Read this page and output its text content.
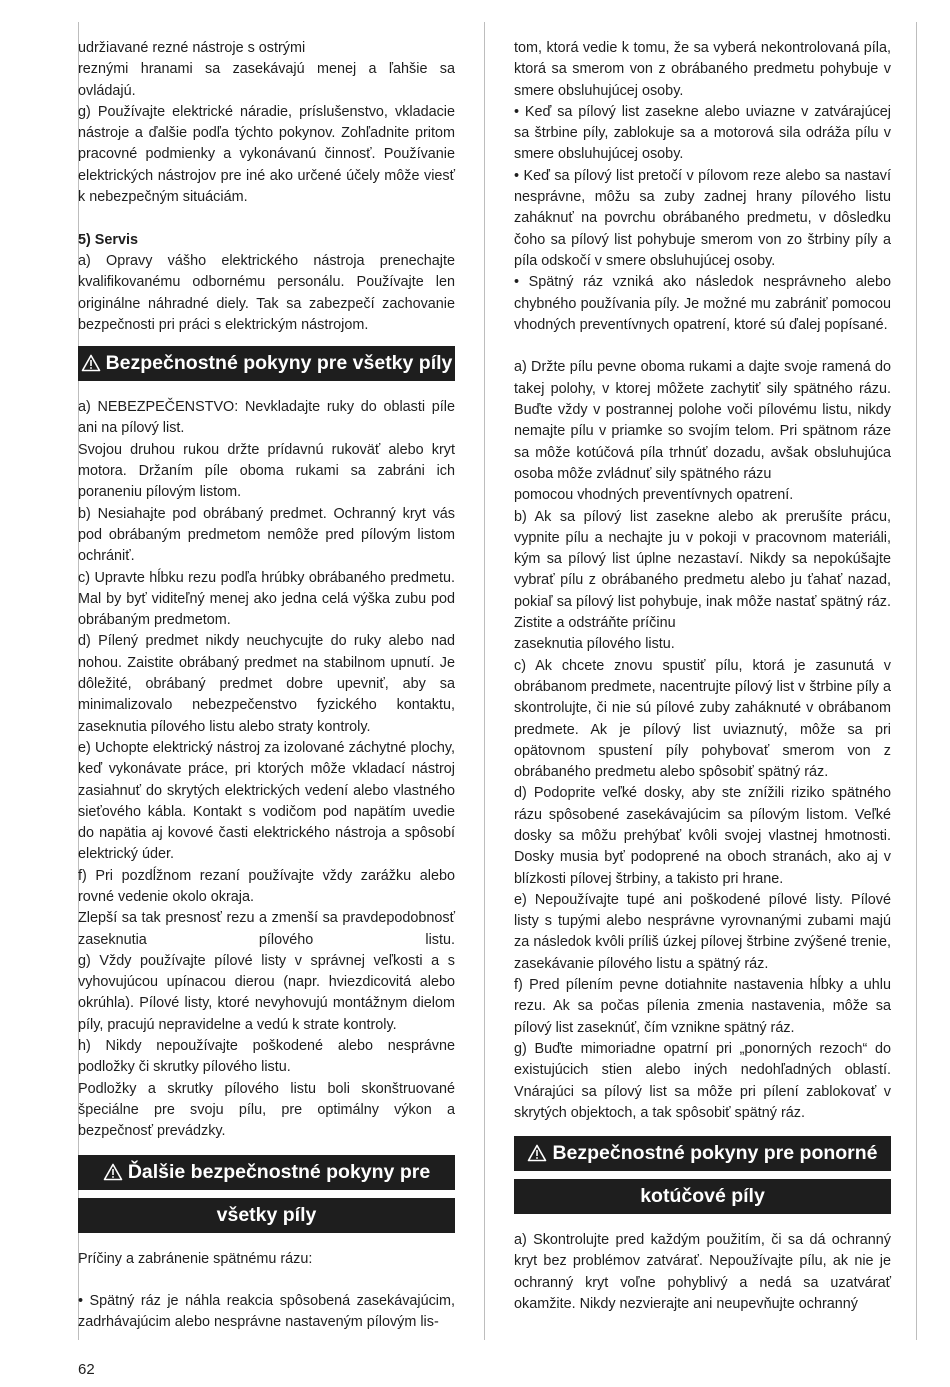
udržiavané rezné nástroje s ostrými

reznými hranami sa zasekávajú menej a ľahšie sa ovládajú.

g) Používajte elektrické náradie, príslušenstvo, vkladacie nástroje a ďalšie podľa týchto pokynov. Zohľadnite pritom pracovné podmienky a vykonávanú činnosť. Používanie elektrických nástrojov pre iné ako určené účely môže viesť k nebezpečným situáciám.

5) Servis

a) Opravy vášho elektrického nástroja prenechajte kvalifikovanému odbornému personálu. Používajte len originálne náhradné diely. Tak sa zabezpečí zachovanie bezpečnosti pri práci s elektrickým nástrojom.

Bezpečnostné pokyny pre všetky píly

a) NEBEZPEČENSTVO: Nevkladajte ruky do oblasti píle ani na pílový list.

Svojou druhou rukou držte prídavnú rukoväť alebo kryt motora. Držaním píle oboma rukami sa zabráni ich poraneniu pílovým listom.

b) Nesiahajte pod obrábaný predmet. Ochranný kryt vás pod obrábaným predmetom nemôže pred pílovým listom ochrániť.

c) Upravte hĺbku rezu podľa hrúbky obrábaného predmetu. Mal by byť viditeľný menej ako jedna celá výška zubu pod obrábaným predmetom.

d) Pílený predmet nikdy neuchycujte do ruky alebo nad nohou. Zaistite obrábaný predmet na stabilnom upnutí. Je dôležité, obrábaný predmet dobre upevniť, aby sa minimalizovalo nebezpečenstvo fyzického kontaktu, zaseknutia pílového listu alebo straty kontroly.

e) Uchopte elektrický nástroj za izolované záchytné plochy, keď vykonávate práce, pri ktorých môže vkladací nástroj zasiahnuť do skrytých elektrických vedení alebo vlastného sieťového kábla. Kontakt s vodičom pod napätím uvedie do napätia aj kovové časti elektrického nástroja a spôsobí elektrický úder.

f) Pri pozdĺžnom rezaní používajte vždy zarážku alebo rovné vedenie okolo okraja.

Zlepší sa tak presnosť rezu a zmenší sa pravdepodobnosť zaseknutia pílového listu.

g) Vždy používajte pílové listy v správnej veľkosti a s vyhovujúcou upínacou dierou (napr. hviezdicovitá alebo okrúhla). Pílové listy, ktoré nevyhovujú montážnym dielom píly, pracujú nepravidelne a vedú k strate kontroly.

h) Nikdy nepoužívajte poškodené alebo nesprávne podložky či skrutky pílového listu.

Podložky a skrutky pílového listu boli skonštruované špeciálne pre svoju pílu, pre optimálny výkon a bezpečnosť prevádzky.

Ďalšie bezpečnostné pokyny pre
všetky píly

Príčiny a zabránenie spätnému rázu:

• Spätný ráz je náhla reakcia spôsobená zasekávajúcim, zadrhávajúcim alebo nesprávne nastaveným pílovým lis-

tom, ktorá vedie k tomu, že sa vyberá nekontrolovaná píla, ktorá sa smerom von z obrábaného predmetu pohybuje v smere obsluhujúcej osoby.

• Keď sa pílový list zasekne alebo uviazne v zatvárajúcej sa štrbine píly, zablokuje sa a motorová sila odráža pílu v smere obsluhujúcej osoby.

• Keď sa pílový list pretočí v pílovom reze alebo sa nastaví nesprávne, môžu sa zuby zadnej hrany pílového listu zaháknuť na povrchu obrábaného predmetu, v dôsledku čoho sa pílový list pohybuje smerom von zo štrbiny píly a píla odskočí v smere obsluhujúcej osoby.

• Spätný ráz vzniká ako následok nesprávneho alebo chybného používania píly. Je možné mu zabrániť pomocou vhodných preventívnych opatrení, ktoré sú ďalej popísané.

a) Držte pílu pevne oboma rukami a dajte svoje ramená do takej polohy, v ktorej môžete zachytiť sily spätného rázu. Buďte vždy v postrannej polohe voči pílovému listu, nikdy nemajte pílu v priamke so svojím telom. Pri spätnom ráze sa môže kotúčová píla trhnúť dozadu, avšak obsluhujúca osoba môže zvládnuť sily spätného rázu

pomocou vhodných preventívnych opatrení.

b) Ak sa pílový list zasekne alebo ak prerušíte prácu, vypnite pílu a nechajte ju v pokoji v pracovnom materiáli, kým sa pílový list úplne nezastaví. Nikdy sa nepokúšajte vybrať pílu z obrábaného predmetu alebo ju ťahať nazad, pokiaľ sa pílový list pohybuje, inak môže nastať spätný ráz. Zistite a odstráňte príčinu

zaseknutia pílového listu.

c) Ak chcete znovu spustiť pílu, ktorá je zasunutá v obrábanom predmete, nacentrujte pílový list v štrbine píly a skontrolujte, či nie sú pílové zuby zaháknuté v obrábanom predmete. Ak je pílový list uviaznutý, môže sa pri opätovnom spustení píly pohybovať smerom von z obrábaného predmetu alebo spôsobiť spätný ráz.

d) Podoprite veľké dosky, aby ste znížili riziko spätného rázu spôsobené zasekávajúcim sa pílovým listom. Veľké dosky sa môžu prehýbať kvôli svojej vlastnej hmotnosti. Dosky musia byť podoprené na oboch stranách, ako aj v blízkosti pílovej štrbiny, a takisto pri hrane.

e) Nepoužívajte tupé ani poškodené pílové listy. Pílové listy s tupými alebo nesprávne vyrovnanými zubami majú za následok kvôli príliš úzkej pílovej štrbine zvýšené trenie, zasekávanie pílového listu a spätný ráz.

f) Pred pílením pevne dotiahnite nastavenia hĺbky a uhlu rezu. Ak sa počas pílenia zmenia nastavenia, môže sa pílový list zaseknúť, čím vznikne spätný ráz.

g) Buďte mimoriadne opatrní pri „ponorných rezoch“ do existujúcich stien alebo iných nedohľadných oblastí. Vnárajúci sa pílový list sa môže pri pílení zablokovať v skrytých objektoch, a tak spôsobiť spätný ráz.

Bezpečnostné pokyny pre ponorné
kotúčové píly

a) Skontrolujte pred každým použitím, či sa dá ochranný kryt bez problémov zatvárať. Nepoužívajte pílu, ak nie je ochranný kryt voľne pohyblivý a nedá sa uzatvárať okamžite. Nikdy nezvierajte ani neupevňujte ochranný

62
